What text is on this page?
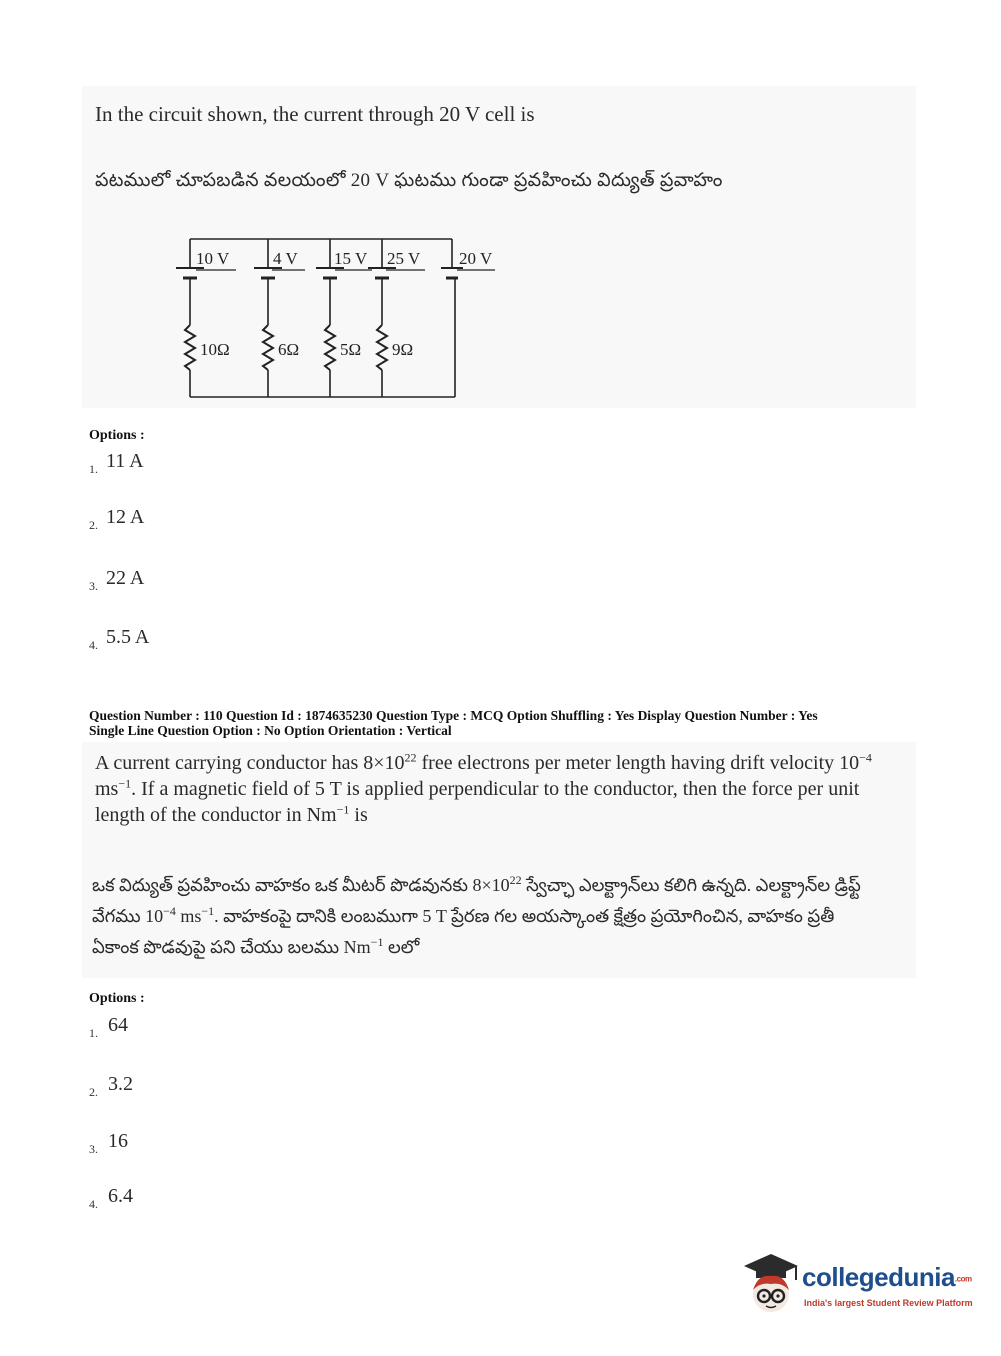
In the circuit shown, the current through 20 V cell is
పటములో చూపబడిన వలయంలో 20 V ఘటము గుండా ప్రవహించు విద్యుత్ ప్రవాహం
10 V	4 V 15 V 25 V 20 V
10Ω	6Ω 5Ω 9Ω
Options :
1. 11 A
2. 12 A
3. 22 A
4. 5.5 A
Question Number : 110 Question Id : 1874635230 Question Type : MCQ Option Shuffling : Yes Display Question Number : Yes
Single Line Question Option : No Option Orientation : Vertical
A current carrying conductor has $8\times 10^{22}$ free electrons per meter length having drift velocity $10^{-4}$ $ms^{-1}$. If a magnetic field of 5 T is applied perpendicular to the conductor, then the force per unit length of the conductor in $Nm^{-1}$ is
ఒక విద్యుత్ ప్రవహించు వాహకం ఒక మీటర్ పొడవునకు $8\times 10^{22}$ స్వేచ్ఛా ఎలక్ట్రాన్‌లు కలిగి ఉన్నది. ఎలక్ట్రాన్‌ల డ్రిఫ్ట్ వేగము $10^{-4}$ $ms^{-1}$. వాహకంపై దానికి లంబముగా 5 T ప్రేరణ గల అయస్కాంత క్షేత్రం ప్రయోగించిన, వాహకం ప్రతీ ఏకాంక పొడవుపై పని చేయు బలము $Nm^{-1}$ లలో
Options :
1. 64
2. 3.2
3. 16
4. 6.4
collegedunia.com
India's largest Student Review Platform
